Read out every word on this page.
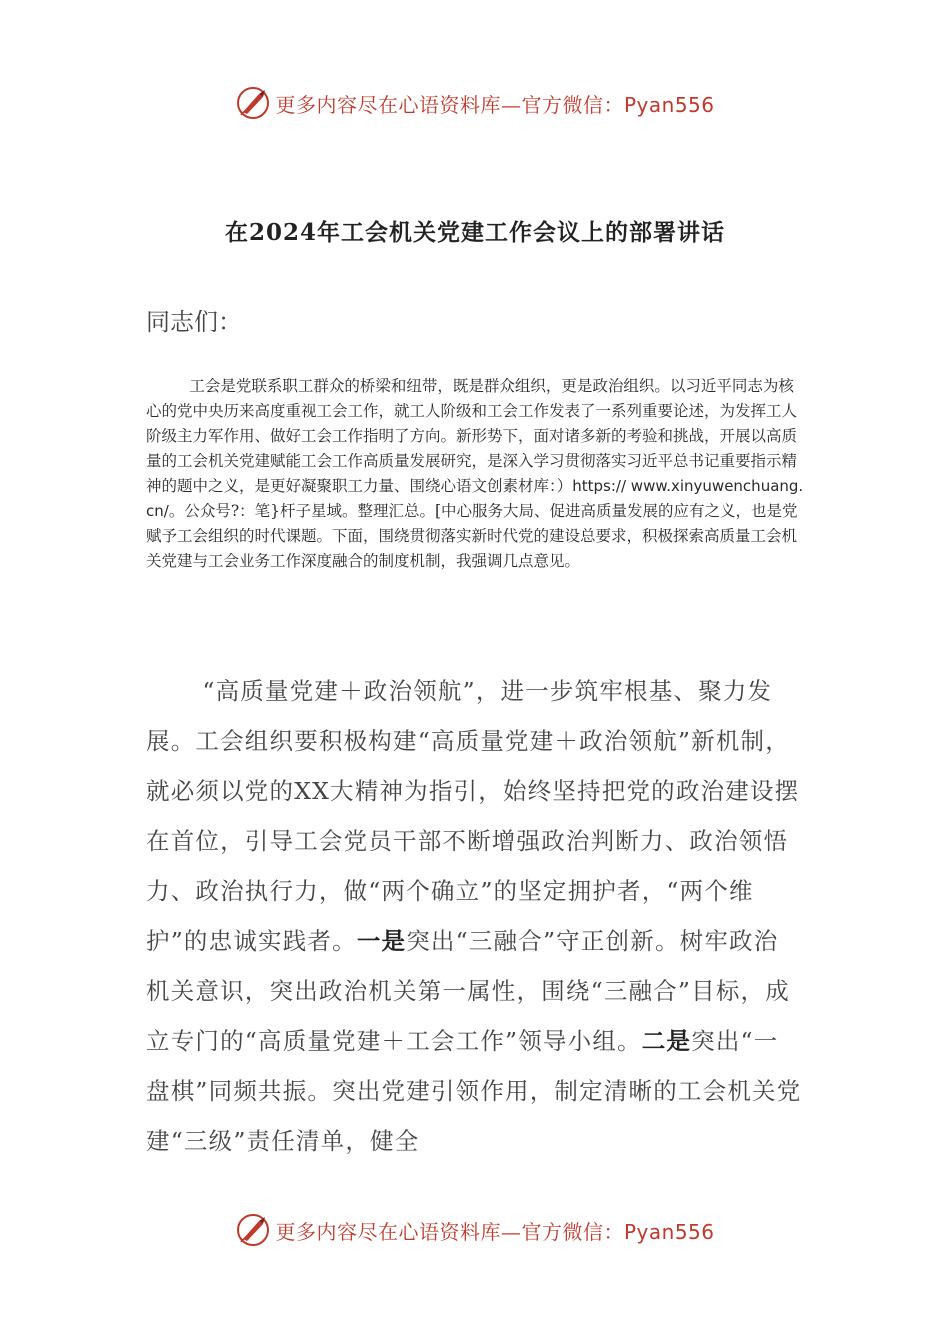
更多内容尽在心语资料库—官方微信：Pyan556
在2024年工会机关党建工作会议上的部署讲话
同志们：

工会是党联系职工群众的桥梁和纽带，既是群众组织，更是政治组织。以习近平同志为核心的党中央历来高度重视工会工作，就工人阶级和工会工作发表了一系列重要论述，为发挥工人阶级主力军作用、做好工会工作指明了方向。新形势下，面对诸多新的考验和挑战，开展以高质量的工会机关党建赋能工会工作高质量发展研究，是深入学习贯彻落实习近平总书记重要指示精神的题中之义，是更好凝聚职工力量、围绕心语文创素材库：）https:// www.xinyuwenchuang.cn/。公众号?：笔}杆子星域。整理汇总。[中心服务大局、促进高质量发展的应有之义，也是党赋予工会组织的时代课题。下面，围绕贯彻落实新时代党的建设总要求，积极探索高质量工会机关党建与工会业务工作深度融合的制度机制，我强调几点意见。

“高质量党建＋政治领航”，进一步筑牢根基、聚力发展。工会组织要积极构建“高质量党建＋政治领航”新机制，就必须以党的XX大精神为指引，始终坚持把党的政治建设摆在首位，引导工会党员干部不断增强政治判断力、政治领悟力、政治执行力，做“两个确立”的坚定拥护者，“两个维护”的忠诚实践者。一是突出“三融合”守正创新。树牢政治机关意识，突出政治机关第一属性，围绕“三融合”目标，成立专门的“高质量党建＋工会工作”领导小组。二是突出“一盘棋”同频共振。突出党建引领作用，制定清晰的工会机关党建“三级”责任清单，健全

更多内容尽在心语资料库—官方微信：Pyan556
